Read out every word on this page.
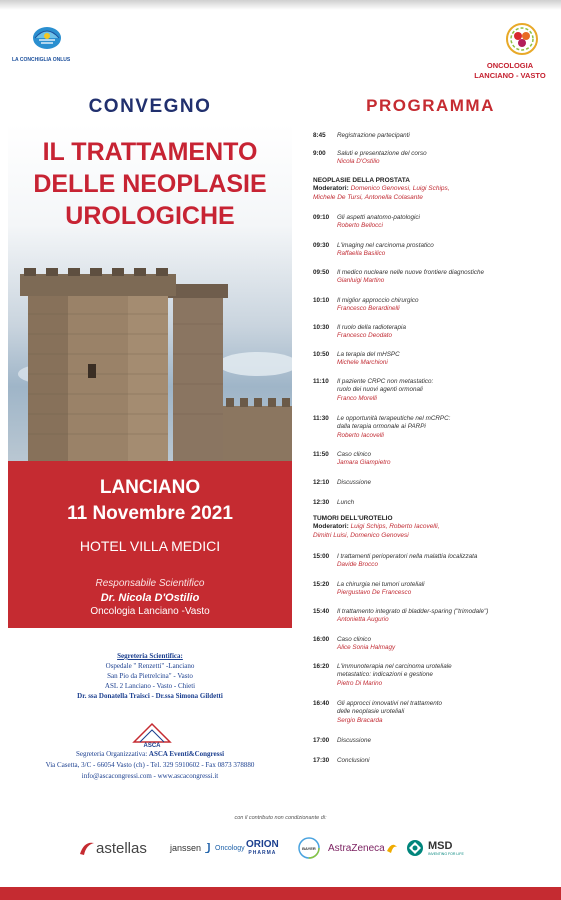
LA CONCHIGLIA ONLUS
ONCOLOGIA
LANCIANO - VASTO
CONVEGNO
IL TRATTAMENTO
DELLE NEOPLASIE
UROLOGICHE
LANCIANO
11 Novembre 2021
HOTEL VILLA MEDICI
Responsabile Scientifico
Dr. Nicola D'Ostilio
Oncologia Lanciano -Vasto
Segreteria Scientifica:
Ospedale " Renzetti" -Lanciano
San Pio da Pietrelcina" - Vasto
ASL 2 Lanciano - Vasto - Chieti
Dr. ssa Donatella Traisci - Dr.ssa Simona Gildetti
ASCA
Segreteria Organizzativa: ASCA Eventi&Congressi
Via Casetta, 3/C - 66054 Vasto (ch) - Tel. 329 5910602 - Fax 0873 378880
info@ascacongressi.com - www.ascacongressi.it
PROGRAMMA
8:45 Registrazione partecipanti
9:00 Saluti e presentazione del corso
Nicola D'Ostilio
NEOPLASIE DELLA PROSTATA
Moderatori: Domenico Genovesi, Luigi Schips,
Michele De Tursi, Antonella Colasante
09:10 Gli aspetti anatomo-patologici
Roberto Bellocci
09:30 L'imaging nel carcinoma prostatico
Raffaella Basilico
09:50 Il medico nucleare nelle nuove frontiere diagnostiche
Gianluigi Martino
10:10 Il miglior approccio chirurgico
Francesco Berardinelli
10:30 Il ruolo della radioterapia
Francesco Deodato
10:50 La terapia del mHSPC
Michele Marchioni
11:10 Il paziente CRPC non metastatico:
ruolo dei nuovi agenti ormonali
Franco Morelli
11:30 Le opportunità terapeutiche nel mCRPC:
dalla terapia ormonale ai PARPi
Roberto Iacovelli
11:50 Caso clinico
Jamara Giampietro
12:10 Discussione
12:30 Lunch
TUMORI DELL'UROTELIO
Moderatori: Luigi Schips, Roberto Iacovelli,
Dimitri Luisi, Domenico Genovesi
15:00 I trattamenti perioperatori nella malattia localizzata
Davide Brocco
15:20 La chirurgia nei tumori uroteliali
Piergustavo De Francesco
15:40 Il trattamento integrato di bladder-sparing ("trimodale")
Antonietta Augurio
16:00 Caso clinico
Alice Sonia Halmagy
16:20 L'immunoterapia nel carcinoma uroteliale
metastatico: indicazioni e gestione
Pietro Di Marino
16:40 Gli approcci innovativi nel trattamento
delle neoplasie uroteliali
Sergio Bracarda
17:00 Discussione
17:30 Conclusioni
con il contributo non condizionante di:
astellas	janssen Oncology ORION
PHARMA
BAYER AstraZeneca	MSD
INVENTING FOR LIFE
